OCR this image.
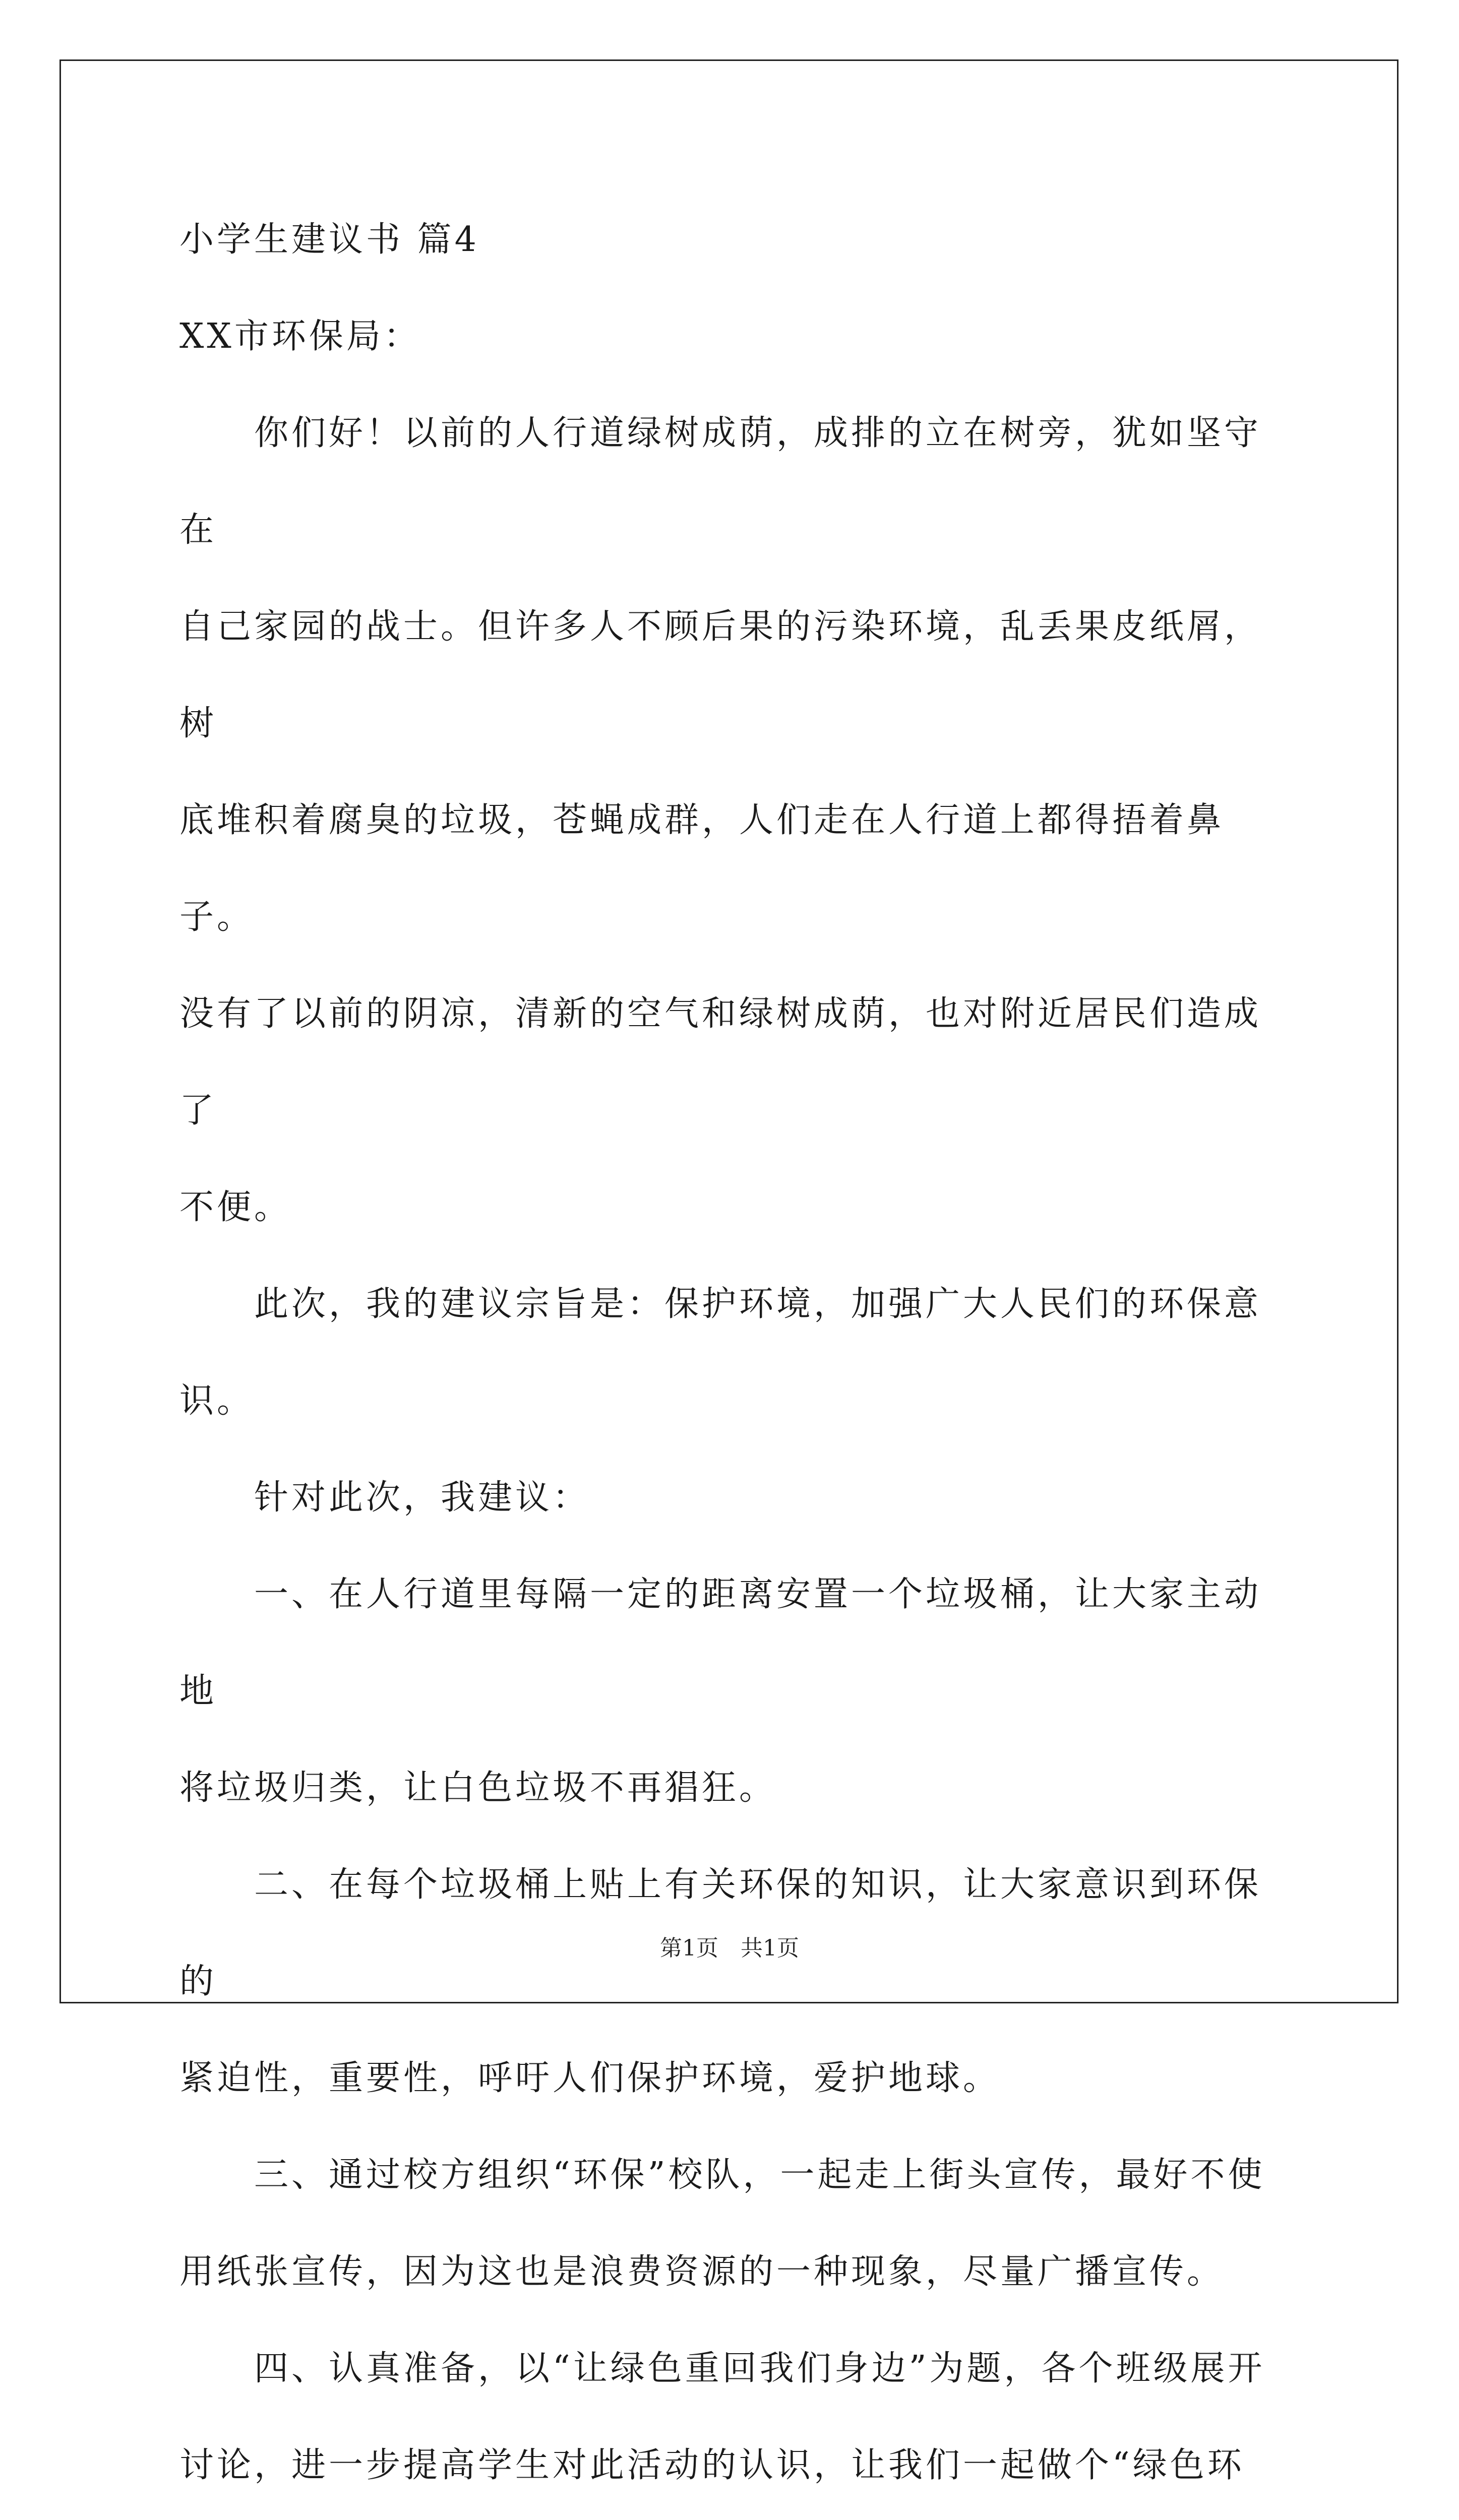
小学生建议书 篇4

XX市环保局：

你们好！以前的人行道绿树成荫，成排的立在树旁，犹如坚守在
自己家园的战士。但许多人不顾后果的污染环境，乱丢果皮纸屑，树
底堆积着腐臭的垃圾，苍蝇成群，人们走在人行道上都得捂着鼻子。
没有了以前的阴凉，清新的空气和绿树成荫，也对附近居民们造成了
不便。

此次，我的建议宗旨是：保护环境，加强广大人民们的环保意识。

针对此次，我建议：

一、在人行道里每隔一定的距离安置一个垃圾桶，让大家主动地
将垃圾归类，让白色垃圾不再猖狂。

二、在每个垃圾桶上贴上有关环保的知识，让大家意识到环保的
紧迫性，重要性，呼吁人们保护环境，爱护地球。

三、通过校方组织“环保”校队，一起走上街头宣传，最好不使
用纸张宣传，因为这也是浪费资源的一种现象，尽量广播宣传。

四、认真准备，以“让绿色重回我们身边”为题，各个班级展开
讨论，进一步提高学生对此活动的认识，让我们一起做个“绿色环

第1页　共1页
